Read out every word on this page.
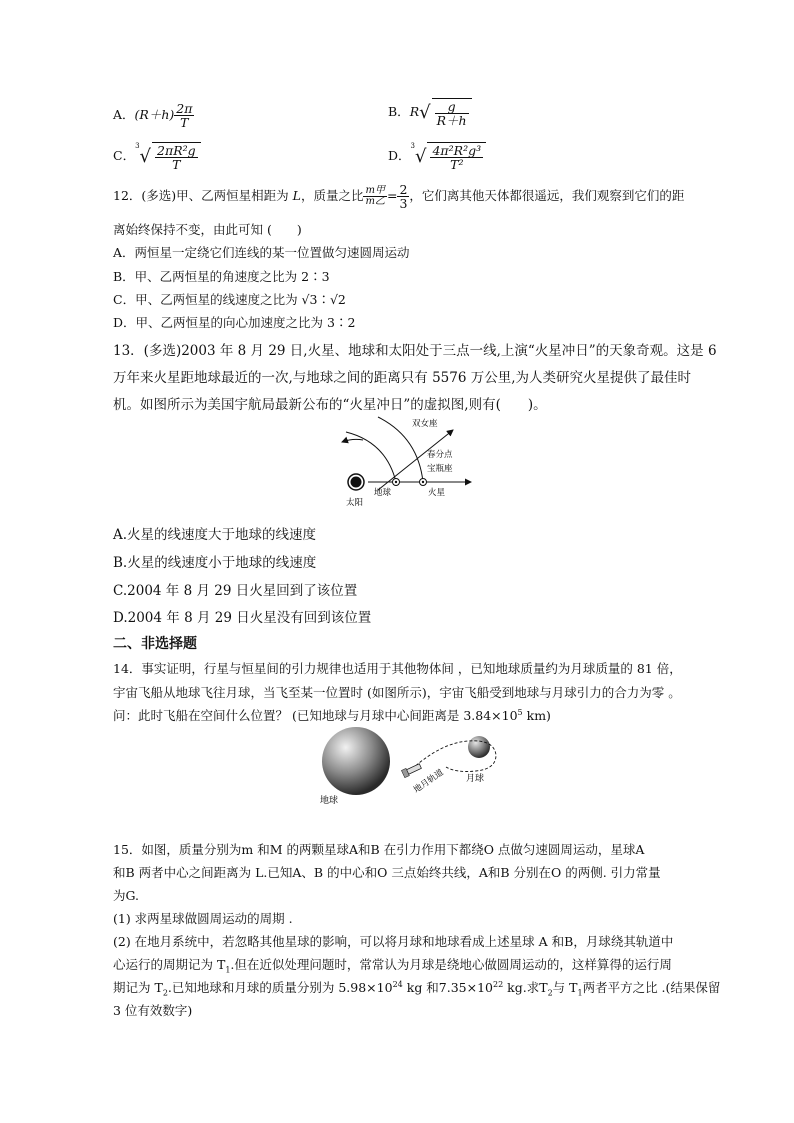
A．$(R+h) \frac{2\pi}{T}$	B．$R√ \frac{g}{R+h}$
C．$^3√ \frac{\text{2πR²g}}{T}$	D．$^3√ \frac{\text{4π²R²g³}}{\text{T²}}$
12．(多选)甲、乙两恒星相距为 L，质量之比 $\frac{\text{m甲}}{\text{m乙}} = \frac{2}{3}$ ，它们离其他天体都很遥远，我们观察到它们的距
离始终保持不变，由此可知 (　　)
A．两恒星一定绕它们连线的某一位置做匀速圆周运动
B．甲、乙两恒星的角速度之比为 2∶3
C．甲、乙两恒星的线速度之比为 √3∶√2
D．甲、乙两恒星的向心加速度之比为 3∶2
13．(多选)2003 年 8 月 29 日,火星、地球和太阳处于三点一线,上演“火星冲日”的天象奇观。这是 6
万年来火星距地球最近的一次,与地球之间的距离只有 5576 万公里,为人类研究火星提供了最佳时
机。如图所示为美国宇航局最新公布的“火星冲日”的虚拟图,则有(　　)。
双女座
春分点
宝瓶座
太阳
地球	火星
A.火星的线速度大于地球的线速度
B.火星的线速度小于地球的线速度
C.2004 年 8 月 29 日火星回到了该位置
D.2004 年 8 月 29 日火星没有回到该位置
二、非选择题
14．事实证明，行星与恒星间的引力规律也适用于其他物体间 ，已知地球质量约为月球质量的 81 倍，
宇宙飞船从地球飞往月球，当飞至某一位置时 (如图所示)，宇宙飞船受到地球与月球引力的合力为零 。
问：此时飞船在空间什么位置？ (已知地球与月球中心间距离是 $3.84\times 10^5$ km)
地球
地月轨道 月球
15．如图，质量分别为m 和M 的两颗星球A和B 在引力作用下都绕O 点做匀速圆周运动，星球A
和B 两者中心之间距离为 L.已知A、B 的中心和O 三点始终共线，A和B 分别在O 的两侧. 引力常量
为G.
(1) 求两星球做圆周运动的周期 .
(2) 在地月系统中，若忽略其他星球的影响，可以将月球和地球看成上述星球 A 和B，月球绕其轨道中
心运行的周期记为 $T_1$.但在近似处理问题时，常常认为月球是绕地心做圆周运动的，这样算得的运行周
期记为 $T_2$.已知地球和月球的质量分别为 $5.98\times 10^{24}$ kg 和$7.35\times 10^{22}$ kg.求$T_2$与 $T_1$两者平方之比 .(结果保留
3 位有效数字)
